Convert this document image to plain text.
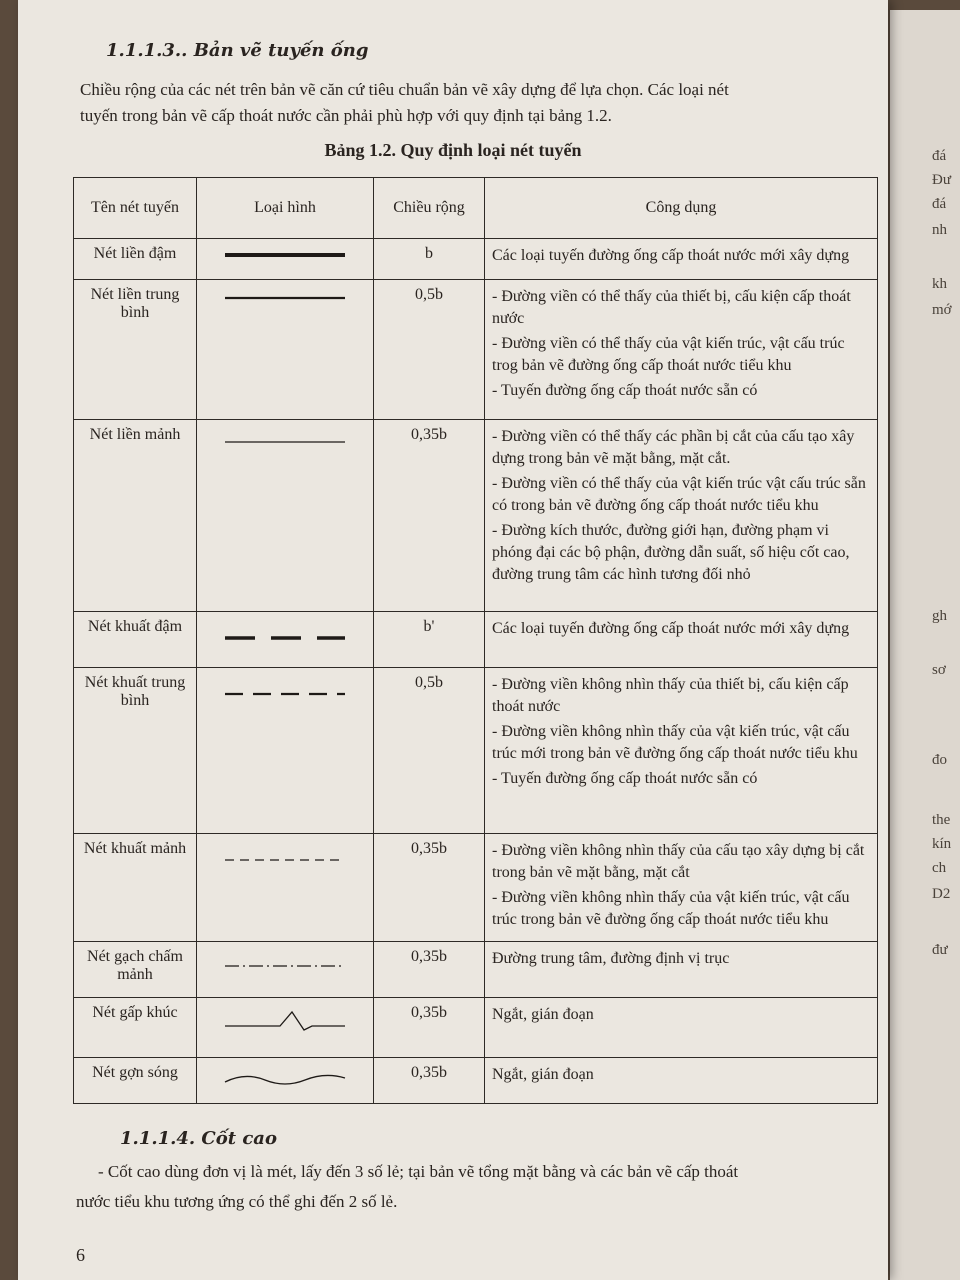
đá
Đư
đá
nh
kh
mớ
gh
sơ
đo
the
kín
ch
D2
đư
1.1.1.3.. Bản vẽ tuyến ống
Chiều rộng của các nét trên bản vẽ căn cứ tiêu chuẩn bản vẽ xây dựng để lựa chọn. Các loại nét
tuyến trong bản vẽ cấp thoát nước cần phải phù hợp với quy định tại bảng 1.2.
Bảng 1.2. Quy định loại nét tuyến
Tên nét tuyến	Loại hình	Chiều rộng	Công dụng
Nét liền đậm		b	Các loại tuyến đường ống cấp thoát nước mới xây dựng

Nét liền trung bình		0,5b	- Đường viền có thể thấy của thiết bị, cấu kiện cấp thoát nước

- Đường viền có thể thấy của vật kiến trúc, vật cấu trúc trog bản vẽ đường ống cấp thoát nước tiểu khu

- Tuyến đường ống cấp thoát nước sẵn có

Nét liền mảnh		0,35b	- Đường viền có thể thấy các phần bị cắt của cấu tạo xây dựng trong bản vẽ mặt bằng, mặt cắt.

- Đường viền có thể thấy của vật kiến trúc vật cấu trúc sẵn có trong bản vẽ đường ống cấp thoát nước tiểu khu

- Đường kích thước, đường giới hạn, đường phạm vi phóng đại các bộ phận, đường dẫn suất, số hiệu cốt cao, đường trung tâm các hình tương đối nhỏ

Nét khuất đậm		b'	Các loại tuyến đường ống cấp thoát nước mới xây dựng

Nét khuất trung bình		0,5b	- Đường viền không nhìn thấy của thiết bị, cấu kiện cấp thoát nước

- Đường viền không nhìn thấy của vật kiến trúc, vật cấu trúc mới trong bản vẽ đường ống cấp thoát nước tiểu khu

- Tuyến đường ống cấp thoát nước sẵn có

Nét khuất mảnh		0,35b	- Đường viền không nhìn thấy của cấu tạo xây dựng bị cắt trong bản vẽ mặt bằng, mặt cắt

- Đường viền không nhìn thấy của vật kiến trúc, vật cấu trúc trong bản vẽ đường ống cấp thoát nước tiểu khu

Nét gạch chấm mảnh		0,35b	Đường trung tâm, đường định vị trục

Nét gấp khúc		0,35b	Ngắt, gián đoạn

Nét gợn sóng		0,35b	Ngắt, gián đoạn

1.1.1.4. Cốt cao
- Cốt cao dùng đơn vị là mét, lấy đến 3 số lẻ; tại bản vẽ tổng mặt bằng và các bản vẽ cấp thoát
nước tiểu khu tương ứng có thể ghi đến 2 số lẻ.
6
